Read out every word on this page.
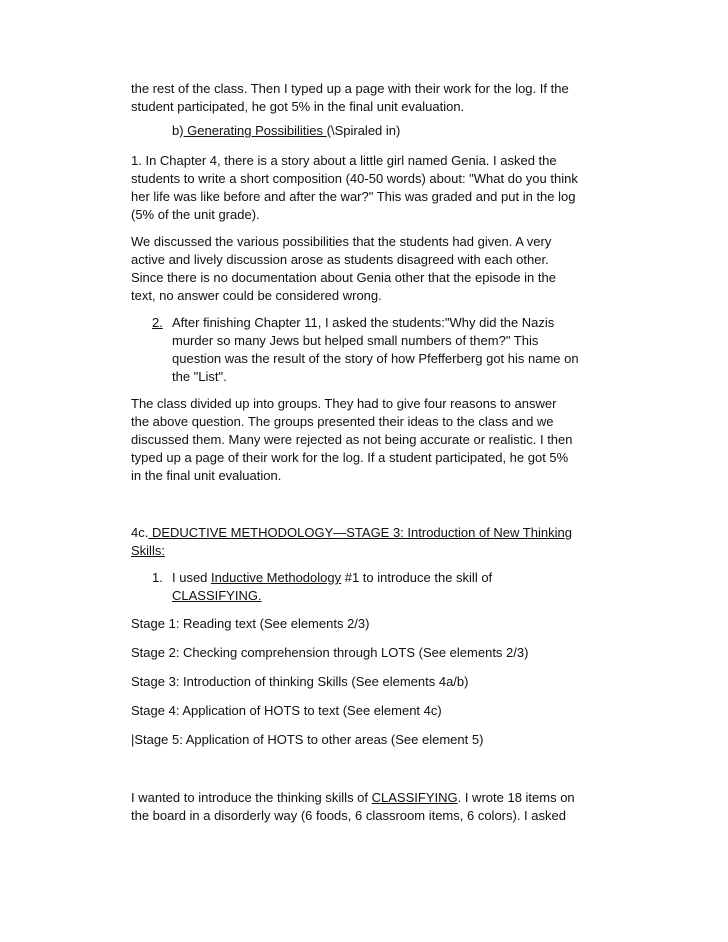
the rest of the class. Then I typed up a page with their work for the log. If the
student participated, he got 5% in the final unit evaluation.

b) Generating Possibilities (\Spiraled in)

1. In Chapter 4, there is a story about a little girl named Genia. I asked the
students to write a short composition (40-50 words) about: "What do you think
her life was like before and after the war?" This was graded and put in the log
(5% of the unit grade).

We discussed the various possibilities that the students had given. A very
active and lively discussion arose as students disagreed with each other.
Since there is no documentation about Genia other that the episode in the
text, no answer could be considered wrong.

2. After finishing Chapter 11, I asked the students:"Why did the Nazis
murder so many Jews but helped small numbers of them?" This
question was the result of the story of how Pfefferberg got his name on
the "List".

The class divided up into groups. They had to give four reasons to answer
the above question. The groups presented their ideas to the class and we
discussed them. Many were rejected as not being accurate or realistic. I then
typed up a page of their work for the log. If a student participated, he got 5%
in the final unit evaluation.

4c. DEDUCTIVE METHODOLOGY—STAGE 3: Introduction of New Thinking
Skills:

1. I used Inductive Methodology #1 to introduce the skill of
CLASSIFYING.

Stage 1: Reading text (See elements 2/3)

Stage 2: Checking comprehension through LOTS (See elements 2/3)

Stage 3: Introduction of thinking Skills (See elements 4a/b)

Stage 4: Application of HOTS to text (See element 4c)

|Stage 5: Application of HOTS to other areas (See element 5)

I wanted to introduce the thinking skills of CLASSIFYING. I wrote 18 items on
the board in a disorderly way (6 foods, 6 classroom items, 6 colors). I asked
